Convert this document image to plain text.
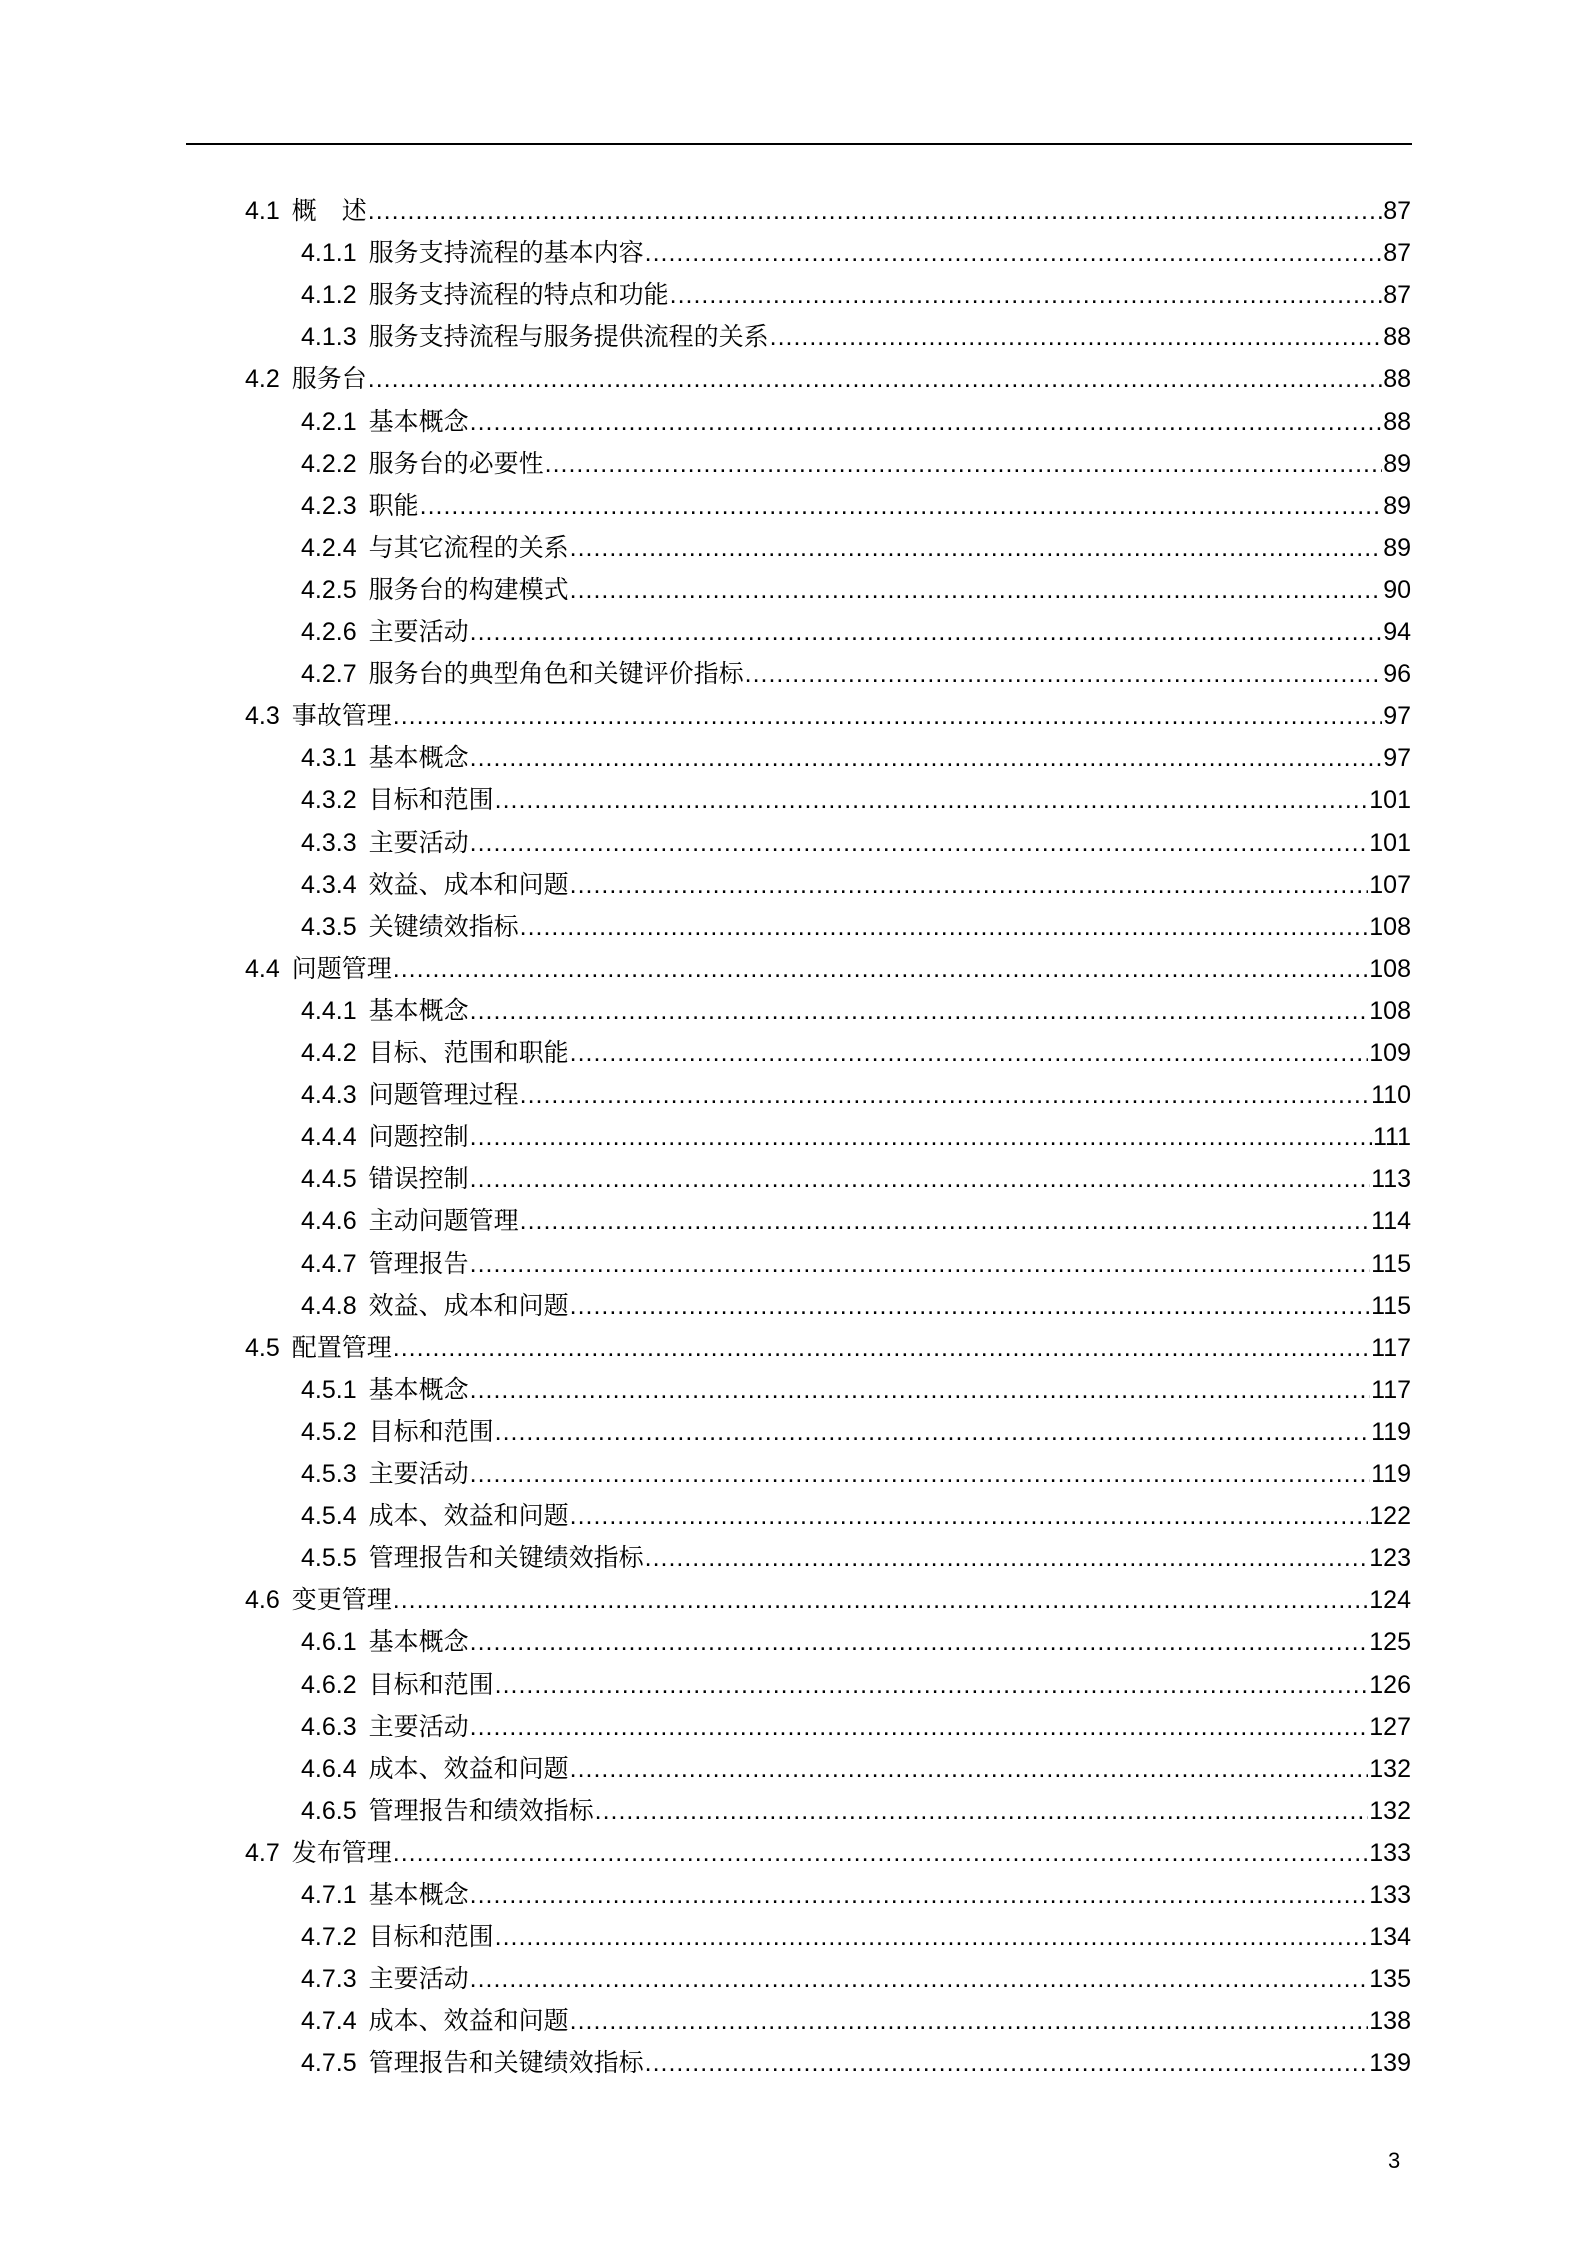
4.1 概　述 .....	87
4.1.1 服务支持流程的基本内容 .....	87
4.1.2 服务支持流程的特点和功能 .....	87
4.1.3 服务支持流程与服务提供流程的关系 .....	88
4.2 服务台 .....	88
4.2.1 基本概念 .....	88
4.2.2 服务台的必要性 .....	89
4.2.3 职能 .....	89
4.2.4 与其它流程的关系 .....	89
4.2.5 服务台的构建模式 .....	90
4.2.6 主要活动 .....	94
4.2.7 服务台的典型角色和关键评价指标 .....	96
4.3 事故管理 .....	97
4.3.1 基本概念 .....	97
4.3.2 目标和范围 .....	101
4.3.3 主要活动 .....	101
4.3.4 效益、成本和问题 .....	107
4.3.5 关键绩效指标 .....	108
4.4 问题管理 .....	108
4.4.1 基本概念 .....	108
4.4.2 目标、范围和职能 .....	109
4.4.3 问题管理过程 .....	110
4.4.4 问题控制 .....	111
4.4.5 错误控制 .....	113
4.4.6 主动问题管理 .....	114
4.4.7 管理报告 .....	115
4.4.8 效益、成本和问题 .....	115
4.5 配置管理 .....	117
4.5.1 基本概念 .....	117
4.5.2 目标和范围 .....	119
4.5.3 主要活动 .....	119
4.5.4 成本、效益和问题 .....	122
4.5.5 管理报告和关键绩效指标 .....	123
4.6 变更管理 .....	124
4.6.1 基本概念 .....	125
4.6.2 目标和范围 .....	126
4.6.3 主要活动 .....	127
4.6.4 成本、效益和问题 .....	132
4.6.5 管理报告和绩效指标 .....	132
4.7 发布管理 .....	133
4.7.1 基本概念 .....	133
4.7.2 目标和范围 .....	134
4.7.3 主要活动 .....	135
4.7.4 成本、效益和问题 .....	138
4.7.5 管理报告和关键绩效指标 .....	139
3
